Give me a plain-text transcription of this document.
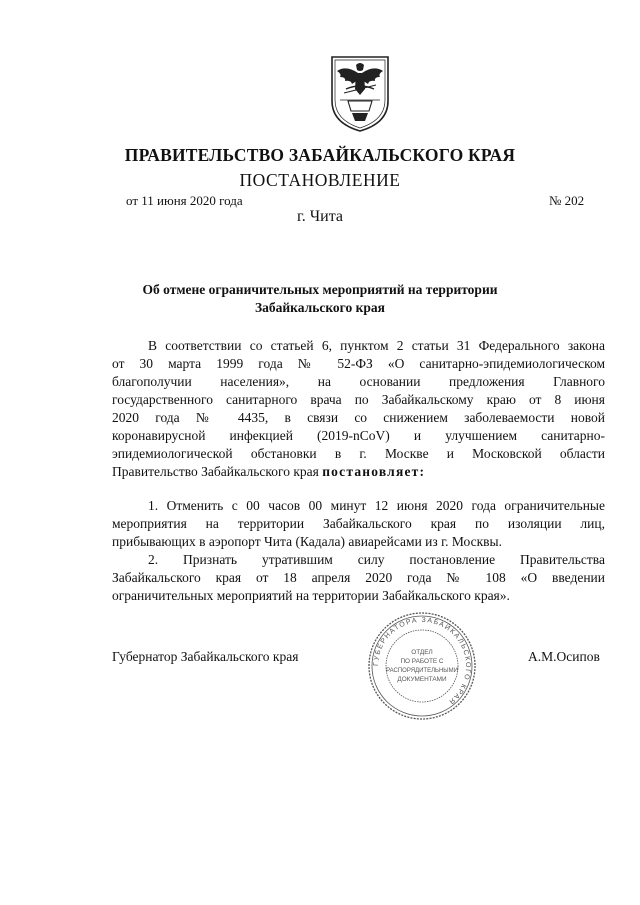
ПРАВИТЕЛЬСТВО ЗАБАЙКАЛЬСКОГО КРАЯ
ПОСТАНОВЛЕНИЕ
от 11 июня 2020 года	№ 202
г. Чита
Об отмене ограничительных мероприятий на территории
Забайкальского края
В соответствии со статьей 6, пунктом 2 статьи 31 Федерального закона
от 30 марта 1999 года № 52-ФЗ «О санитарно-эпидемиологическом
благополучии населения», на основании предложения Главного
государственного санитарного врача по Забайкальскому краю от 8 июня
2020 года № 4435, в связи со снижением заболеваемости новой
коронавирусной инфекцией (2019-nCoV) и улучшением санитарно-
эпидемиологической обстановки в г. Москве и Московской области
Правительство Забайкальского края постановляет:
1. Отменить с 00 часов 00 минут 12 июня 2020 года ограничительные
мероприятия на территории Забайкальского края по изоляции лиц,
прибывающих в аэропорт Чита (Кадала) авиарейсами из г. Москвы.
2. Признать утратившим силу постановление Правительства
Забайкальского края от 18 апреля 2020 года № 108 «О введении
ограничительных мероприятий на территории Забайкальского края».
Губернатор Забайкальского края	А.М.Осипов
ГУБЕРНАТОРА ЗАБАЙКАЛЬСКОГО КРАЯ
ОТДЕЛ
ПО РАБОТЕ С
РАСПОРЯДИТЕЛЬНЫМИ
ДОКУМЕНТАМИ
